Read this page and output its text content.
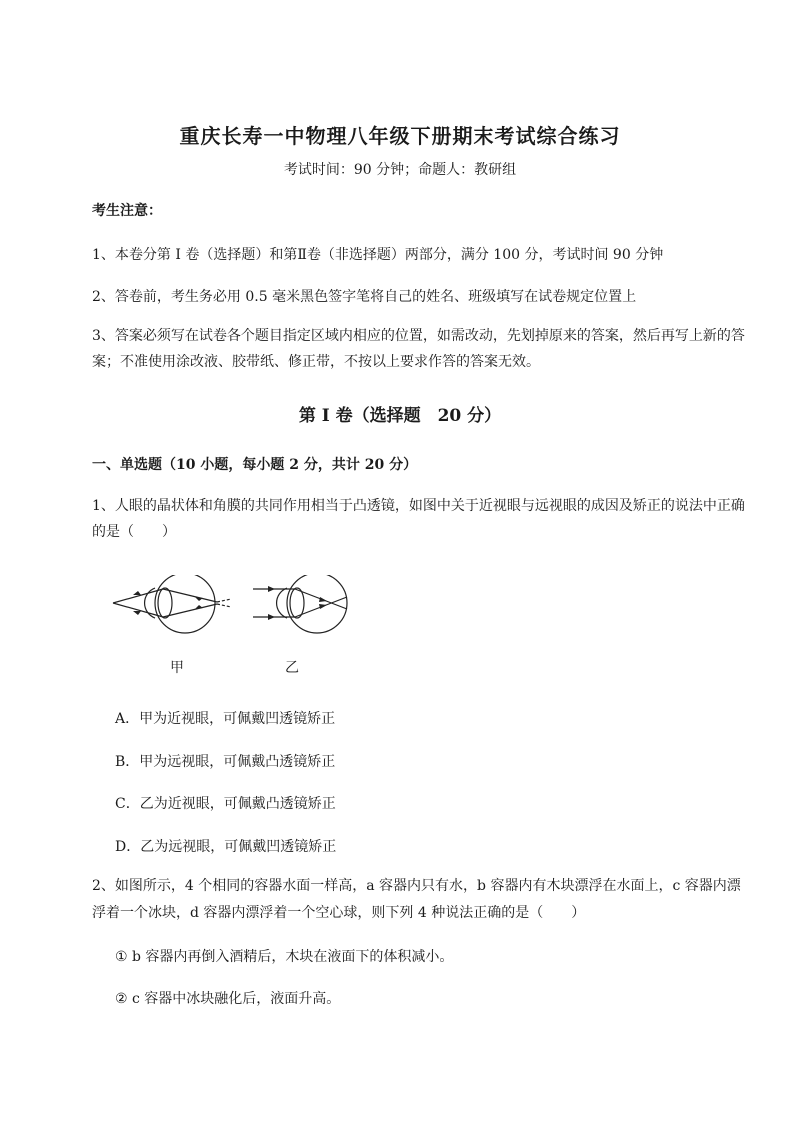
重庆长寿一中物理八年级下册期末考试综合练习
考试时间：90 分钟；命题人：教研组
考生注意：
1、本卷分第 I 卷（选择题）和第Ⅱ卷（非选择题）两部分，满分 100 分，考试时间 90 分钟
2、答卷前，考生务必用 0.5 毫米黑色签字笔将自己的姓名、班级填写在试卷规定位置上
3、答案必须写在试卷各个题目指定区域内相应的位置，如需改动，先划掉原来的答案，然后再写上新的答案；不准使用涂改液、胶带纸、修正带，不按以上要求作答的答案无效。
第 I 卷（选择题　20 分）
一、单选题（10 小题，每小题 2 分，共计 20 分）
1、人眼的晶状体和角膜的共同作用相当于凸透镜，如图中关于近视眼与远视眼的成因及矫正的说法中正确的是（　　）
甲	乙
A．甲为近视眼，可佩戴凹透镜矫正
B．甲为远视眼，可佩戴凸透镜矫正
C．乙为近视眼，可佩戴凸透镜矫正
D．乙为远视眼，可佩戴凹透镜矫正
2、如图所示，4 个相同的容器水面一样高，a 容器内只有水，b 容器内有木块漂浮在水面上，c 容器内漂浮着一个冰块，d 容器内漂浮着一个空心球，则下列 4 种说法正确的是（　　）
① b 容器内再倒入酒精后，木块在液面下的体积减小。
② c 容器中冰块融化后，液面升高。
